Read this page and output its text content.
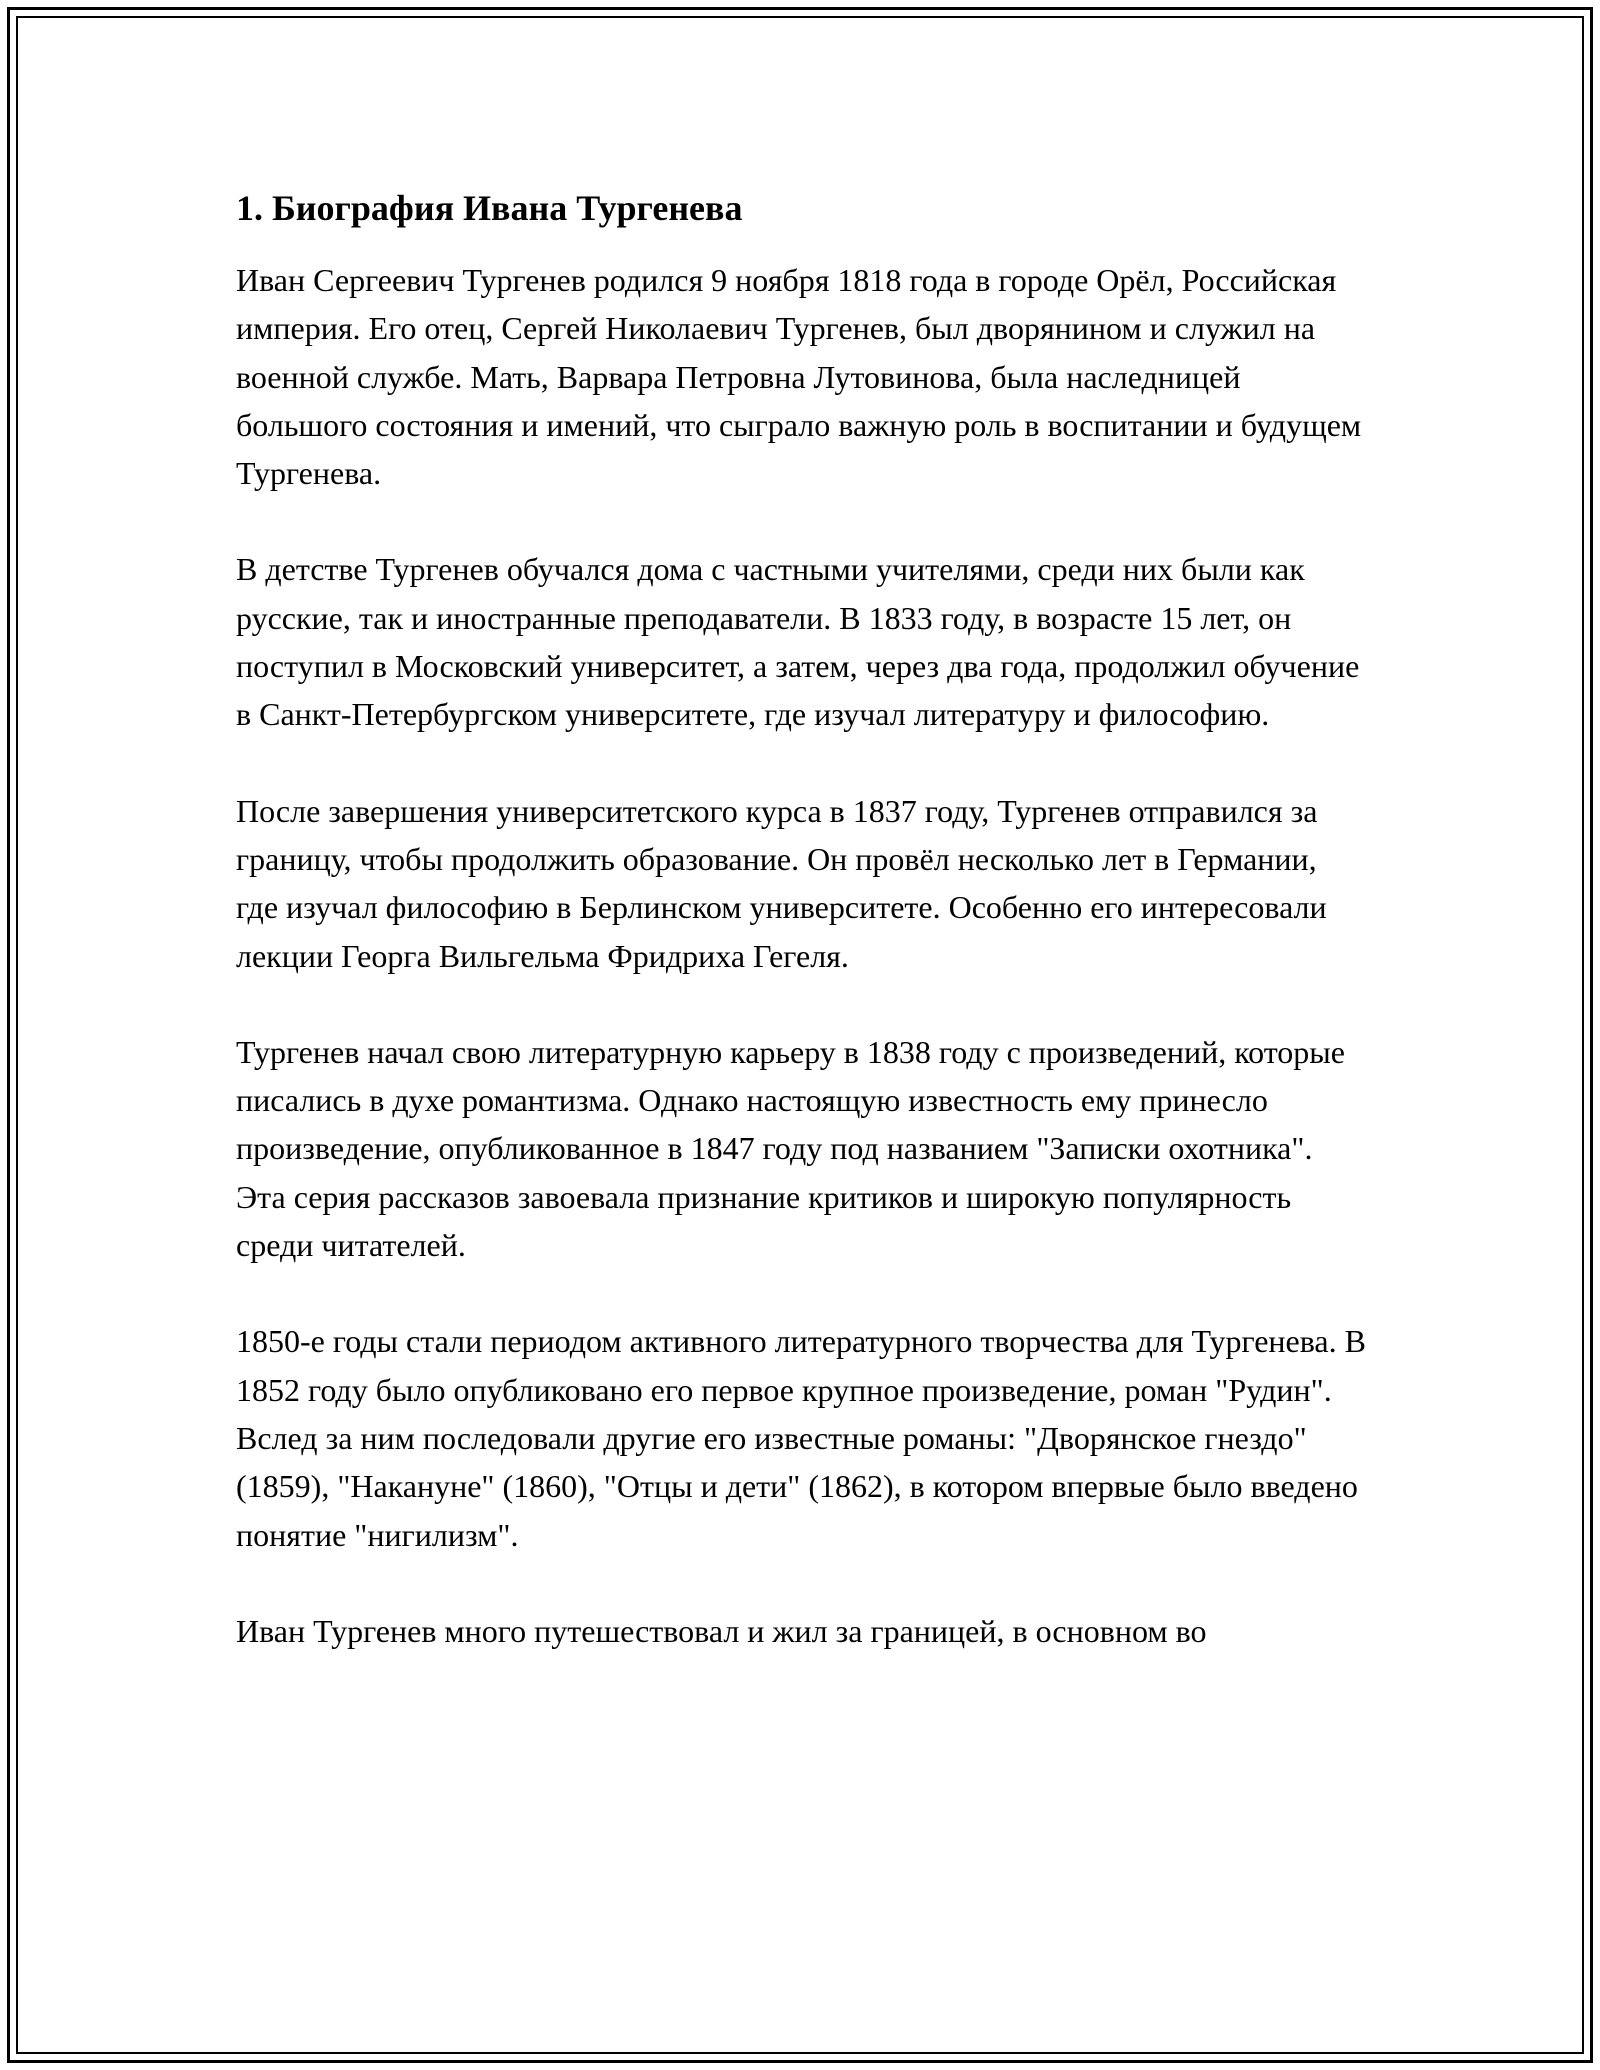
1. Биография Ивана Тургенева

Иван Сергеевич Тургенев родился 9 ноября 1818 года в городе Орёл, Российская империя. Его отец, Сергей Николаевич Тургенев, был дворянином и служил на военной службе. Мать, Варвара Петровна Лутовинова, была наследницей большого состояния и имений, что сыграло важную роль в воспитании и будущем Тургенева.

В детстве Тургенев обучался дома с частными учителями, среди них были как русские, так и иностранные преподаватели. В 1833 году, в возрасте 15 лет, он поступил в Московский университет, а затем, через два года, продолжил обучение в Санкт-Петербургском университете, где изучал литературу и философию.

После завершения университетского курса в 1837 году, Тургенев отправился за границу, чтобы продолжить образование. Он провёл несколько лет в Германии, где изучал философию в Берлинском университете. Особенно его интересовали лекции Георга Вильгельма Фридриха Гегеля.

Тургенев начал свою литературную карьеру в 1838 году с произведений, которые писались в духе романтизма. Однако настоящую известность ему принесло произведение, опубликованное в 1847 году под названием "Записки охотника". Эта серия рассказов завоевала признание критиков и широкую популярность среди читателей.

1850-е годы стали периодом активного литературного творчества для Тургенева. В 1852 году было опубликовано его первое крупное произведение, роман "Рудин". Вслед за ним последовали другие его известные романы: "Дворянское гнездо" (1859), "Накануне" (1860), "Отцы и дети" (1862), в котором впервые было введено понятие "нигилизм".

Иван Тургенев много путешествовал и жил за границей, в основном во
